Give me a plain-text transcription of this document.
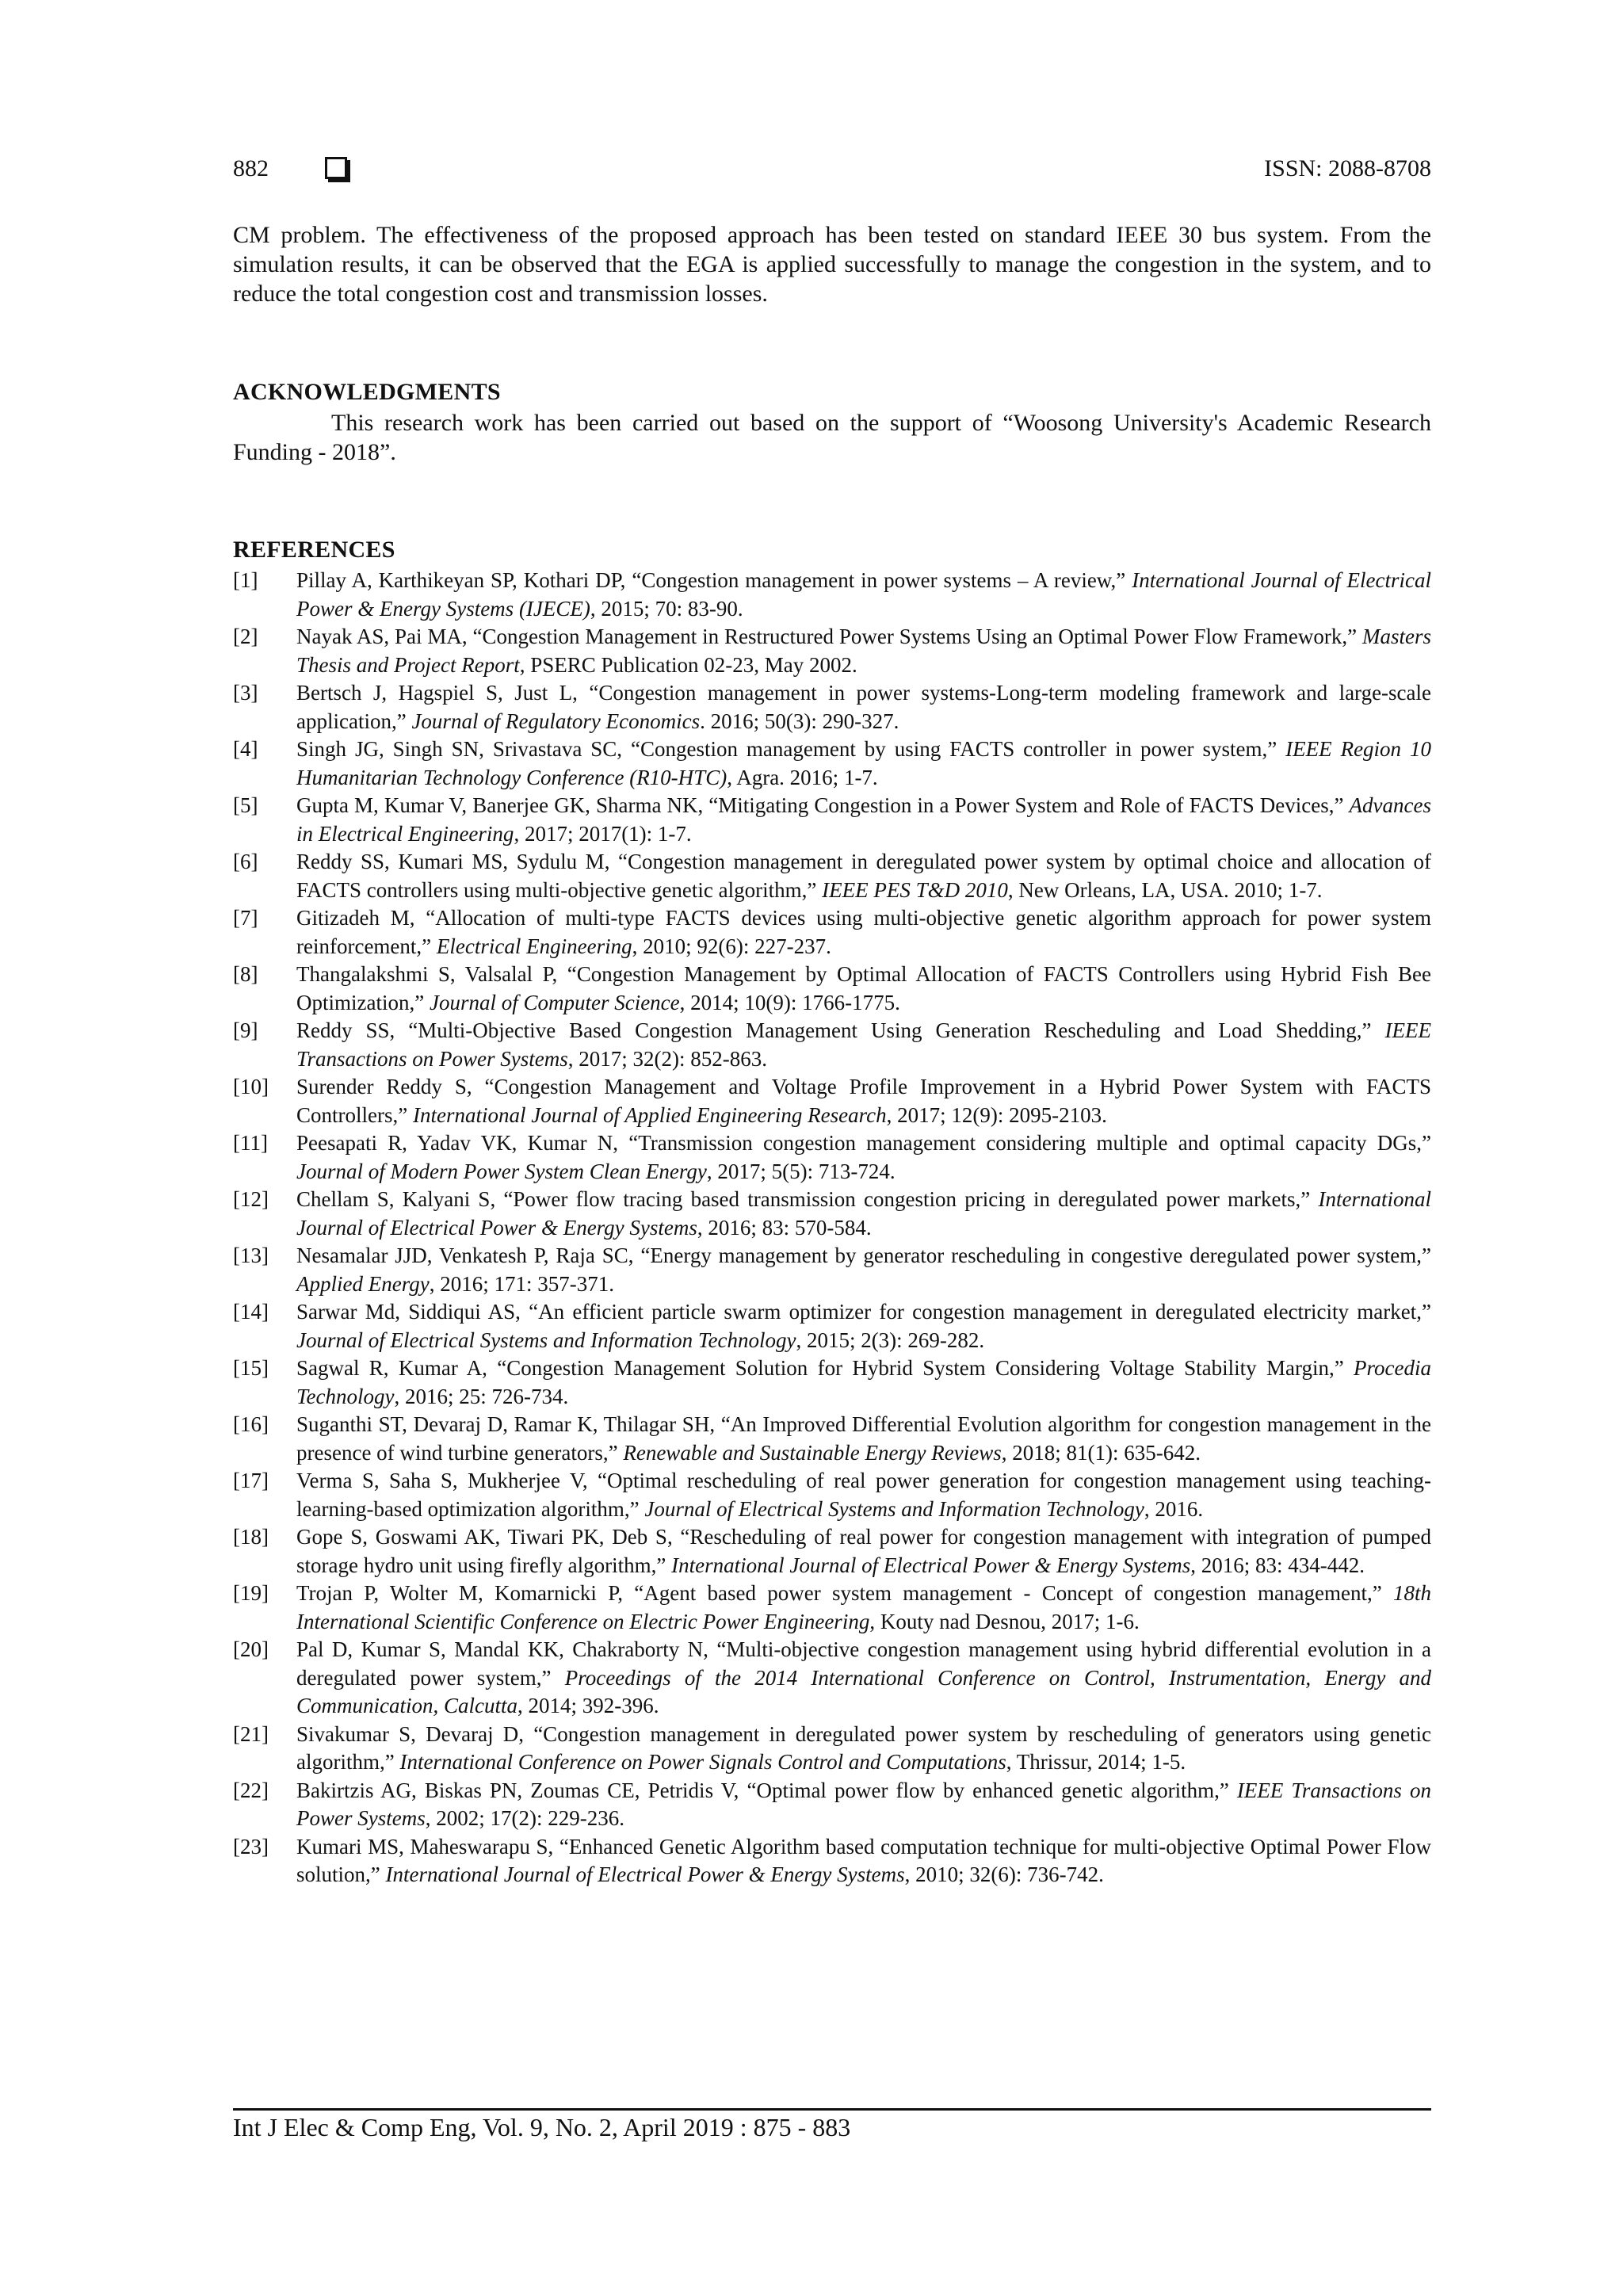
882	ISSN: 2088-8708
CM problem. The effectiveness of the proposed approach has been tested on standard IEEE 30 bus system. From the simulation results, it can be observed that the EGA is applied successfully to manage the congestion in the system, and to reduce the total congestion cost and transmission losses.
ACKNOWLEDGMENTS
This research work has been carried out based on the support of “Woosong University's Academic Research Funding - 2018”.
REFERENCES
[1] Pillay A, Karthikeyan SP, Kothari DP, “Congestion management in power systems – A review,” International Journal of Electrical Power & Energy Systems (IJECE), 2015; 70: 83-90.
[2] Nayak AS, Pai MA, “Congestion Management in Restructured Power Systems Using an Optimal Power Flow Framework,” Masters Thesis and Project Report, PSERC Publication 02-23, May 2002.
[3] Bertsch J, Hagspiel S, Just L, “Congestion management in power systems-Long-term modeling framework and large-scale application,” Journal of Regulatory Economics. 2016; 50(3): 290-327.
[4] Singh JG, Singh SN, Srivastava SC, “Congestion management by using FACTS controller in power system,” IEEE Region 10 Humanitarian Technology Conference (R10-HTC), Agra. 2016; 1-7.
[5] Gupta M, Kumar V, Banerjee GK, Sharma NK, “Mitigating Congestion in a Power System and Role of FACTS Devices,” Advances in Electrical Engineering, 2017; 2017(1): 1-7.
[6] Reddy SS, Kumari MS, Sydulu M, “Congestion management in deregulated power system by optimal choice and allocation of FACTS controllers using multi-objective genetic algorithm,” IEEE PES T&D 2010, New Orleans, LA, USA. 2010; 1-7.
[7] Gitizadeh M, “Allocation of multi-type FACTS devices using multi-objective genetic algorithm approach for power system reinforcement,” Electrical Engineering, 2010; 92(6): 227-237.
[8] Thangalakshmi S, Valsalal P, “Congestion Management by Optimal Allocation of FACTS Controllers using Hybrid Fish Bee Optimization,” Journal of Computer Science, 2014; 10(9): 1766-1775.
[9] Reddy SS, “Multi-Objective Based Congestion Management Using Generation Rescheduling and Load Shedding,” IEEE Transactions on Power Systems, 2017; 32(2): 852-863.
[10] Surender Reddy S, “Congestion Management and Voltage Profile Improvement in a Hybrid Power System with FACTS Controllers,” International Journal of Applied Engineering Research, 2017; 12(9): 2095-2103.
[11] Peesapati R, Yadav VK, Kumar N, “Transmission congestion management considering multiple and optimal capacity DGs,” Journal of Modern Power System Clean Energy, 2017; 5(5): 713-724.
[12] Chellam S, Kalyani S, “Power flow tracing based transmission congestion pricing in deregulated power markets,” International Journal of Electrical Power & Energy Systems, 2016; 83: 570-584.
[13] Nesamalar JJD, Venkatesh P, Raja SC, “Energy management by generator rescheduling in congestive deregulated power system,” Applied Energy, 2016; 171: 357-371.
[14] Sarwar Md, Siddiqui AS, “An efficient particle swarm optimizer for congestion management in deregulated electricity market,” Journal of Electrical Systems and Information Technology, 2015; 2(3): 269-282.
[15] Sagwal R, Kumar A, “Congestion Management Solution for Hybrid System Considering Voltage Stability Margin,” Procedia Technology, 2016; 25: 726-734.
[16] Suganthi ST, Devaraj D, Ramar K, Thilagar SH, “An Improved Differential Evolution algorithm for congestion management in the presence of wind turbine generators,” Renewable and Sustainable Energy Reviews, 2018; 81(1): 635-642.
[17] Verma S, Saha S, Mukherjee V, “Optimal rescheduling of real power generation for congestion management using teaching-learning-based optimization algorithm,” Journal of Electrical Systems and Information Technology, 2016.
[18] Gope S, Goswami AK, Tiwari PK, Deb S, “Rescheduling of real power for congestion management with integration of pumped storage hydro unit using firefly algorithm,” International Journal of Electrical Power & Energy Systems, 2016; 83: 434-442.
[19] Trojan P, Wolter M, Komarnicki P, “Agent based power system management - Concept of congestion management,” 18th International Scientific Conference on Electric Power Engineering, Kouty nad Desnou, 2017; 1-6.
[20] Pal D, Kumar S, Mandal KK, Chakraborty N, “Multi-objective congestion management using hybrid differential evolution in a deregulated power system,” Proceedings of the 2014 International Conference on Control, Instrumentation, Energy and Communication, Calcutta, 2014; 392-396.
[21] Sivakumar S, Devaraj D, “Congestion management in deregulated power system by rescheduling of generators using genetic algorithm,” International Conference on Power Signals Control and Computations, Thrissur, 2014; 1-5.
[22] Bakirtzis AG, Biskas PN, Zoumas CE, Petridis V, “Optimal power flow by enhanced genetic algorithm,” IEEE Transactions on Power Systems, 2002; 17(2): 229-236.
[23] Kumari MS, Maheswarapu S, “Enhanced Genetic Algorithm based computation technique for multi-objective Optimal Power Flow solution,” International Journal of Electrical Power & Energy Systems, 2010; 32(6): 736-742.
Int J Elec & Comp Eng, Vol. 9, No. 2, April 2019 : 875 - 883
